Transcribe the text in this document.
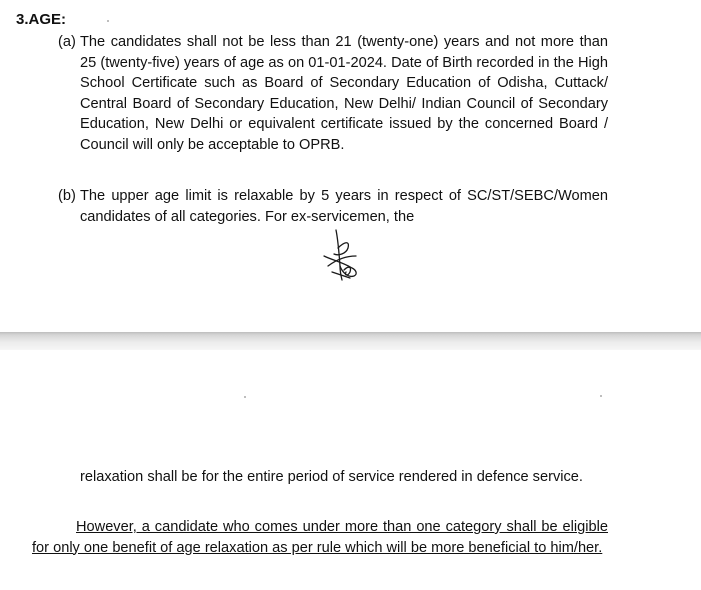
3.AGE:
(a) The candidates shall not be less than 21 (twenty-one) years and not more than 25 (twenty-five) years of age as on 01-01-2024. Date of Birth recorded in the High School Certificate such as Board of Secondary Education of Odisha, Cuttack/ Central Board of Secondary Education, New Delhi/ Indian Council of Secondary Education, New Delhi or equivalent certificate issued by the concerned Board / Council will only be acceptable to OPRB.
(b) The upper age limit is relaxable by 5 years in respect of SC/ST/SEBC/Women candidates of all categories. For ex-servicemen, the
relaxation shall be for the entire period of service rendered in defence service.
However, a candidate who comes under more than one category shall be eligible for only one benefit of age relaxation as per rule which will be more beneficial to him/her.
